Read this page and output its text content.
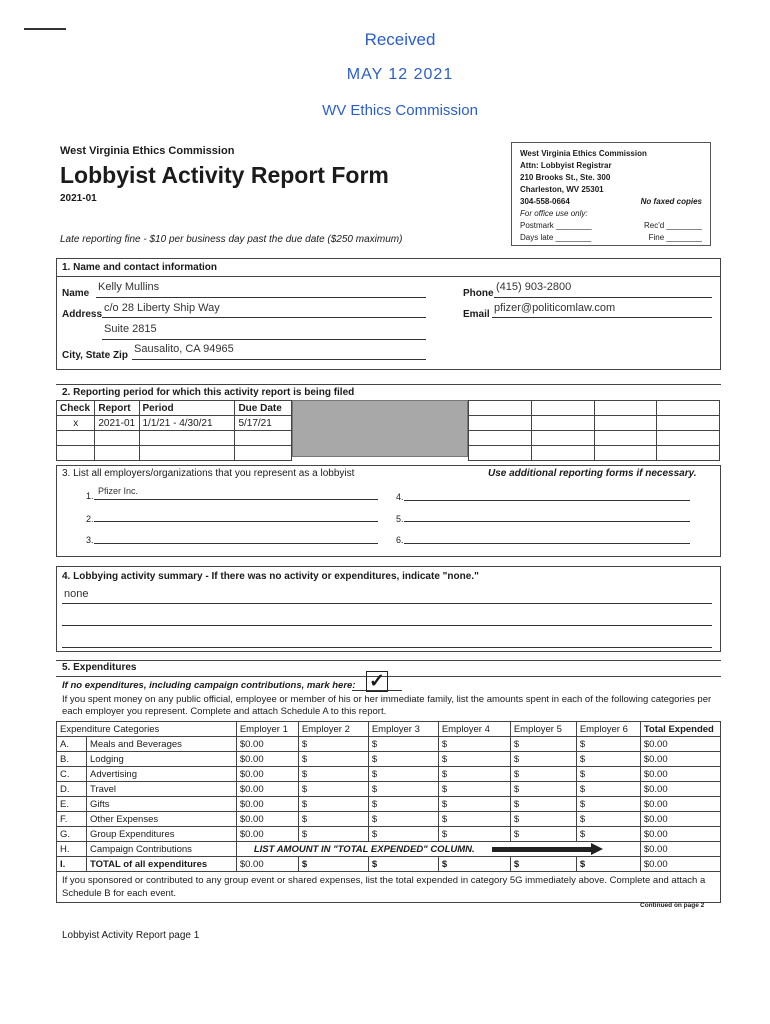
Received
MAY 12 2021
WV Ethics Commission
West Virginia Ethics Commission
Lobbyist Activity Report Form
2021-01
Late reporting fine - $10 per business day past the due date ($250 maximum)
West Virginia Ethics Commission
Attn: Lobbyist Registrar
210 Brooks St., Ste. 300
Charleston, WV 25301
304-558-0664	No faxed copies
For office use only:
Postmark ________	Rec'd ________
Days late ________	Fine ________
1. Name and contact information
Name
Kelly Mullins
Address
c/o 28 Liberty Ship Way
Suite 2815
City, State Zip
Sausalito, CA 94965
Phone
(415) 903-2800
Email
pfizer@politicomlaw.com
2. Reporting period for which this activity report is being filed
Check	Report	Period	Due Date
x	2021-01	1/1/21 - 4/30/21	5/17/21

3. List all employers/organizations that you represent as a lobbyist	Use additional reporting forms if necessary.
1. Pfizer Inc.
2.
3.
4.
5.
6.
4. Lobbying activity summary - If there was no activity or expenditures, indicate "none."
none
5. Expenditures
If no expenditures, including campaign contributions, mark here: ✓
If you spent money on any public official, employee or member of his or her immediate family, list the amounts spent in each of the following categories per each employer you represent. Complete and attach Schedule A to this report.
Expenditure Categories		Employer 1	Employer 2	Employer 3	Employer 4	Employer 5	Employer 6	Total Expended
A.	Meals and Beverages	$0.00	$	$	$	$	$	$0.00
B.	Lodging	$0.00	$	$	$	$	$	$0.00
C.	Advertising	$0.00	$	$	$	$	$	$0.00
D.	Travel	$0.00	$	$	$	$	$	$0.00
E.	Gifts	$0.00	$	$	$	$	$	$0.00
F.	Other Expenses	$0.00	$	$	$	$	$	$0.00
G.	Group Expenditures	$0.00	$	$	$	$	$	$0.00
H.	Campaign Contributions	LIST AMOUNT IN "TOTAL EXPENDED" COLUMN.						$0.00
I.	TOTAL of all expenditures	$0.00	$	$	$	$	$	$0.00
If you sponsored or contributed to any group event or shared expenses, list the total expended in category 5G immediately above. Complete and attach a Schedule B for each event.
Continued on page 2
Lobbyist Activity Report page 1
